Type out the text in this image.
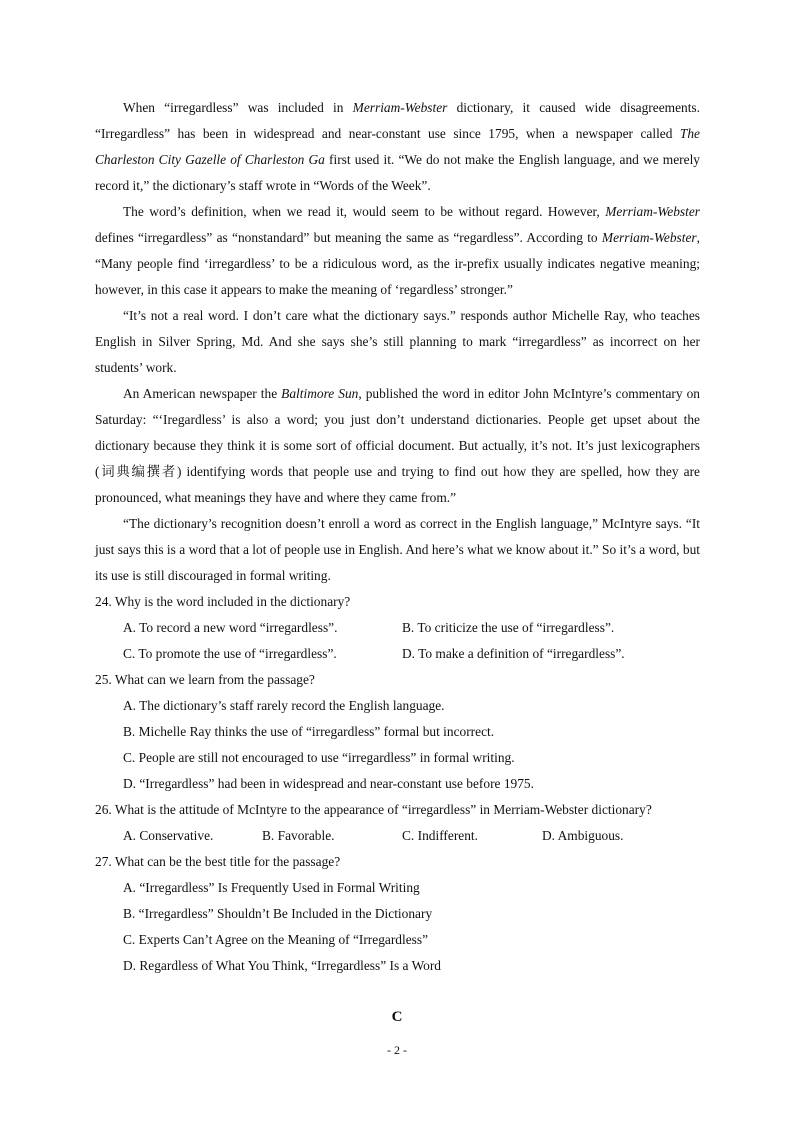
When “irregardless” was included in Merriam-Webster dictionary, it caused wide disagreements. “Irregardless” has been in widespread and near-constant use since 1795, when a newspaper called The Charleston City Gazelle of Charleston Ga first used it. “We do not make the English language, and we merely record it,” the dictionary’s staff wrote in “Words of the Week”.

The word’s definition, when we read it, would seem to be without regard. However, Merriam-Webster defines “irregardless” as “nonstandard” but meaning the same as “regardless”. According to Merriam-Webster, “Many people find ‘irregardless’ to be a ridiculous word, as the ir-prefix usually indicates negative meaning; however, in this case it appears to make the meaning of ‘regardless’ stronger.”

“It’s not a real word. I don’t care what the dictionary says.” responds author Michelle Ray, who teaches English in Silver Spring, Md. And she says she’s still planning to mark “irregardless” as incorrect on her students’ work.

An American newspaper the Baltimore Sun, published the word in editor John McIntyre’s commentary on Saturday: “‘Iregardless’ is also a word; you just don’t understand dictionaries. People get upset about the dictionary because they think it is some sort of official document. But actually, it’s not. It’s just lexicographers (词典编撰者) identifying words that people use and trying to find out how they are spelled, how they are pronounced, what meanings they have and where they came from.”

“The dictionary’s recognition doesn’t enroll a word as correct in the English language,” McIntyre says. “It just says this is a word that a lot of people use in English. And here’s what we know about it.” So it’s a word, but its use is still discouraged in formal writing.

24. Why is the word included in the dictionary?
A. To record a new word “irregardless”.	B. To criticize the use of “irregardless”.
C. To promote the use of “irregardless”.	D. To make a definition of “irregardless”.
25. What can we learn from the passage?
A. The dictionary’s staff rarely record the English language.
B. Michelle Ray thinks the use of “irregardless” formal but incorrect.
C. People are still not encouraged to use “irregardless” in formal writing.
D. “Irregardless” had been in widespread and near-constant use before 1975.
26. What is the attitude of McIntyre to the appearance of “irregardless” in Merriam-Webster dictionary?
A. Conservative.	B. Favorable.	C. Indifferent.	D. Ambiguous.
27. What can be the best title for the passage?
A. “Irregardless” Is Frequently Used in Formal Writing
B. “Irregardless” Shouldn’t Be Included in the Dictionary
C. Experts Can’t Agree on the Meaning of “Irregardless”
D. Regardless of What You Think, “Irregardless” Is a Word
C
- 2 -
